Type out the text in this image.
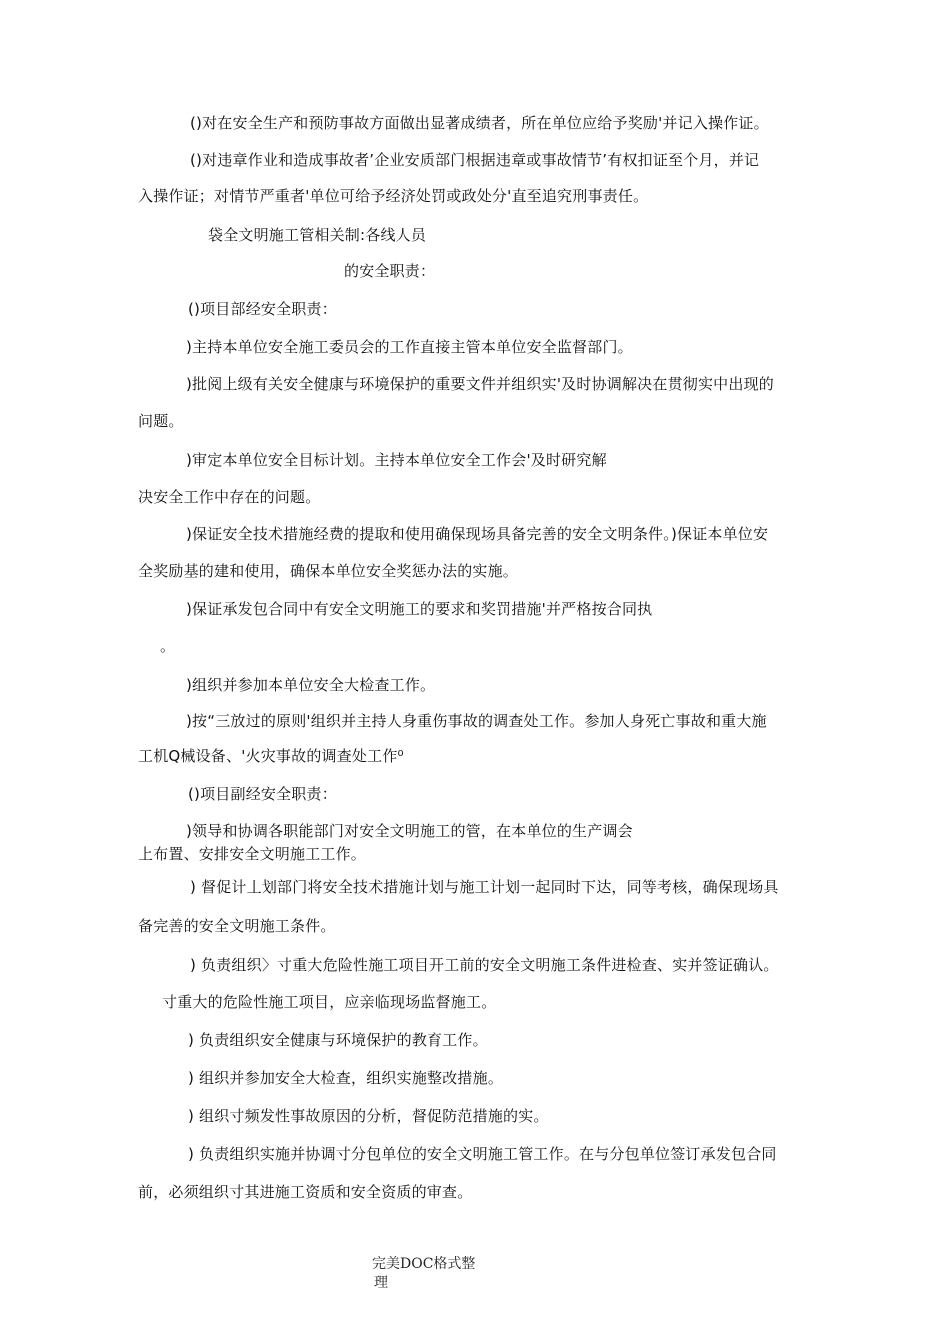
()对在安全生产和预防事故方面做出显著成绩者，所在单位应给予奖励'并记入操作证。
()对违章作业和造成事故者’企业安质部门根据违章或事故情节’有权扣证至个月，并记
入操作证；对情节严重者'单位可给予经济处罚或政处分'直至追究刑事责任。
袋全文明施工管相关制:各线人员
的安全职责：
()项目部经安全职责：
)主持本单位安全施工委员会的工作直接主管本单位安全监督部门。
)批阅上级有关安全健康与环境保护的重要文件并组织实'及时协调解决在贯彻实中出现的
问题。
)审定本单位安全目标计划。主持本单位安全工作会'及时研究解
决安全工作中存在的问题。
)保证安全技术措施经费的提取和使用确保现场具备完善的安全文明条件。)保证本单位安
全奖励基的建和使用，确保本单位安全奖惩办法的实施。
)保证承发包合同中有安全文明施工的要求和奖罚措施'并严格按合同执
。
)组织并参加本单位安全大检查工作。
)按“三放过的原则'组织并主持人身重伤事故的调查处工作。参加人身死亡事故和重大施
工机Q械设备、'火灾事故的调查处工作⁰
()项目副经安全职责：
)领导和协调各职能部门对安全文明施工的管，在本单位的生产调会
上布置、安排安全文明施工工作。
) 督促计丄划部门将安全技术措施计划与施工计划一起同时下达，同等考核，确保现场具
备完善的安全文明施工条件。
) 负责组织〉寸重大危险性施工项目开工前的安全文明施工条件进检查、实并签证确认。
寸重大的危险性施工项目，应亲临现场监督施工。
) 负责组织安全健康与环境保护的教育工作。
) 组织并参加安全大检查，组织实施整改措施。
) 组织寸频发性事故原因的分析，督促防范措施的实。
) 负责组织实施并协调寸分包单位的安全文明施工管工作。在与分包单位签订承发包合同
前，必须组织寸其进施工资质和安全资质的审查。
完美DOC格式整
理
